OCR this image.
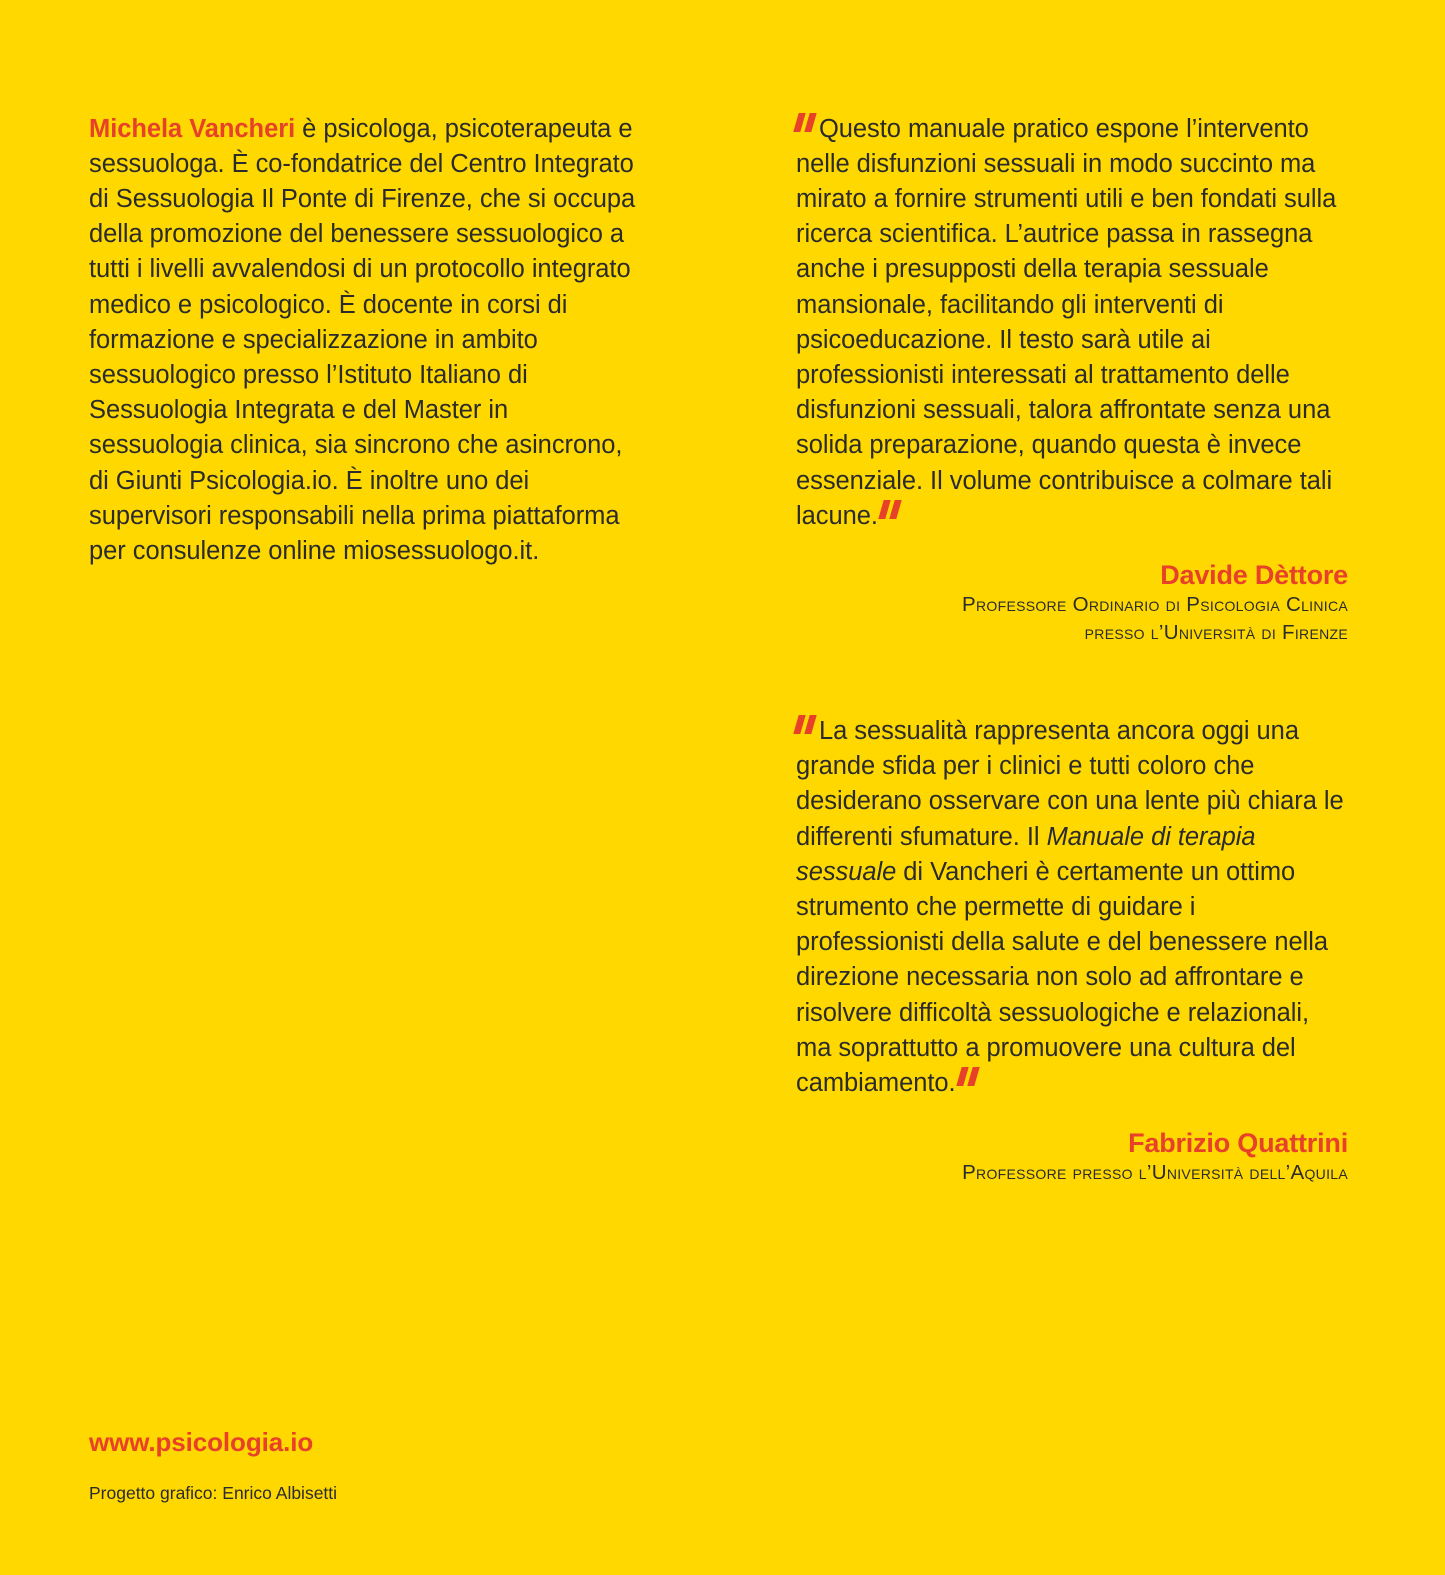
Michela Vancheri è psicologa, psicoterapeuta e sessuologa. È co-fondatrice del Centro Integrato di Sessuologia Il Ponte di Firenze, che si occupa della promozione del benessere sessuologico a tutti i livelli avvalendosi di un protocollo integrato medico e psicologico. È docente in corsi di formazione e specializzazione in ambito sessuologico presso l’Istituto Italiano di Sessuologia Integrata e del Master in sessuologia clinica, sia sincrono che asincrono, di Giunti Psicologia.io. È inoltre uno dei supervisori responsabili nella prima piattaforma per consulenze online miosessuologo.it.

Questo manuale pratico espone l’intervento nelle disfunzioni sessuali in modo succinto ma mirato a fornire strumenti utili e ben fondati sulla ricerca scientifica. L’autrice passa in rassegna anche i presupposti della terapia sessuale mansionale, facilitando gli interventi di psicoeducazione. Il testo sarà utile ai professionisti interessati al trattamento delle disfunzioni sessuali, talora affrontate senza una solida preparazione, quando questa è invece essenziale. Il volume contribuisce a colmare tali lacune.

Davide Dèttore
Professore Ordinario di Psicologia Clinica
presso l’Università di Firenze

La sessualità rappresenta ancora oggi una grande sfida per i clinici e tutti coloro che desiderano osservare con una lente più chiara le differenti sfumature. Il Manuale di terapia sessuale di Vancheri è certamente un ottimo strumento che permette di guidare i professionisti della salute e del benessere nella direzione necessaria non solo ad affrontare e risolvere difficoltà sessuologiche e relazionali, ma soprattutto a promuovere una cultura del cambiamento.

Fabrizio Quattrini
Professore presso l’Università dell’Aquila
www.psicologia.io
Progetto grafico: Enrico Albisetti
